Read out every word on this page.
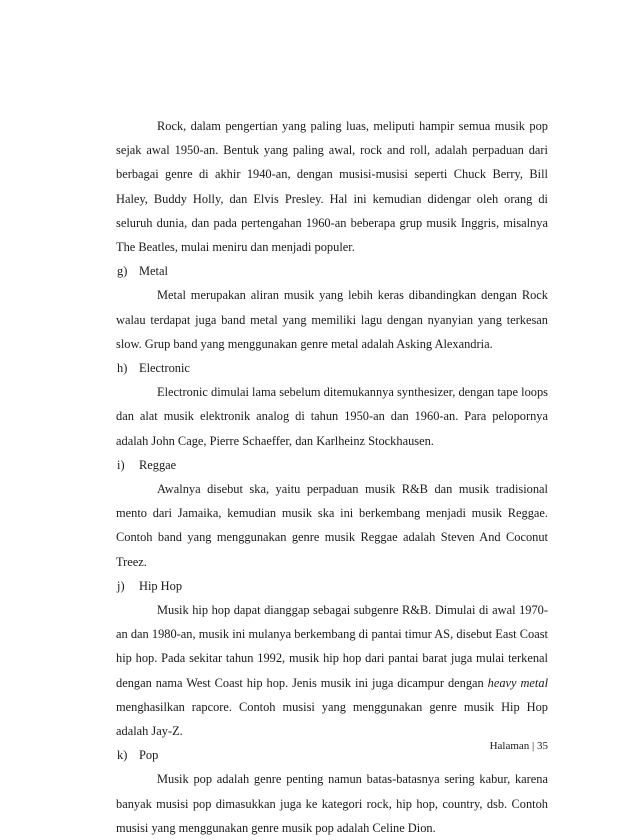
Rock, dalam pengertian yang paling luas, meliputi hampir semua musik pop sejak awal 1950-an. Bentuk yang paling awal, rock and roll, adalah perpaduan dari berbagai genre di akhir 1940-an, dengan musisi-musisi seperti Chuck Berry, Bill Haley, Buddy Holly, dan Elvis Presley. Hal ini kemudian didengar oleh orang di seluruh dunia, dan pada pertengahan 1960-an beberapa grup musik Inggris, misalnya The Beatles, mulai meniru dan menjadi populer.

g) Metal

Metal merupakan aliran musik yang lebih keras dibandingkan dengan Rock walau terdapat juga band metal yang memiliki lagu dengan nyanyian yang terkesan slow. Grup band yang menggunakan genre metal adalah Asking Alexandria.

h) Electronic

Electronic dimulai lama sebelum ditemukannya synthesizer, dengan tape loops dan alat musik elektronik analog di tahun 1950-an dan 1960-an. Para pelopornya adalah John Cage, Pierre Schaeffer, dan Karlheinz Stockhausen.

i)	Reggae

Awalnya disebut ska, yaitu perpaduan musik R&B dan musik tradisional mento dari Jamaika, kemudian musik ska ini berkembang menjadi musik Reggae. Contoh band yang menggunakan genre musik Reggae adalah Steven And Coconut Treez.

j)	Hip Hop

Musik hip hop dapat dianggap sebagai subgenre R&B. Dimulai di awal 1970-an dan 1980-an, musik ini mulanya berkembang di pantai timur AS, disebut East Coast hip hop. Pada sekitar tahun 1992, musik hip hop dari pantai barat juga mulai terkenal dengan nama West Coast hip hop. Jenis musik ini juga dicampur dengan heavy metal menghasilkan rapcore. Contoh musisi yang menggunakan genre musik Hip Hop adalah Jay-Z.

k) Pop

Musik pop adalah genre penting namun batas-batasnya sering kabur, karena banyak musisi pop dimasukkan juga ke kategori rock, hip hop, country, dsb. Contoh musisi yang menggunakan genre musik pop adalah Celine Dion.

Halaman | 35
